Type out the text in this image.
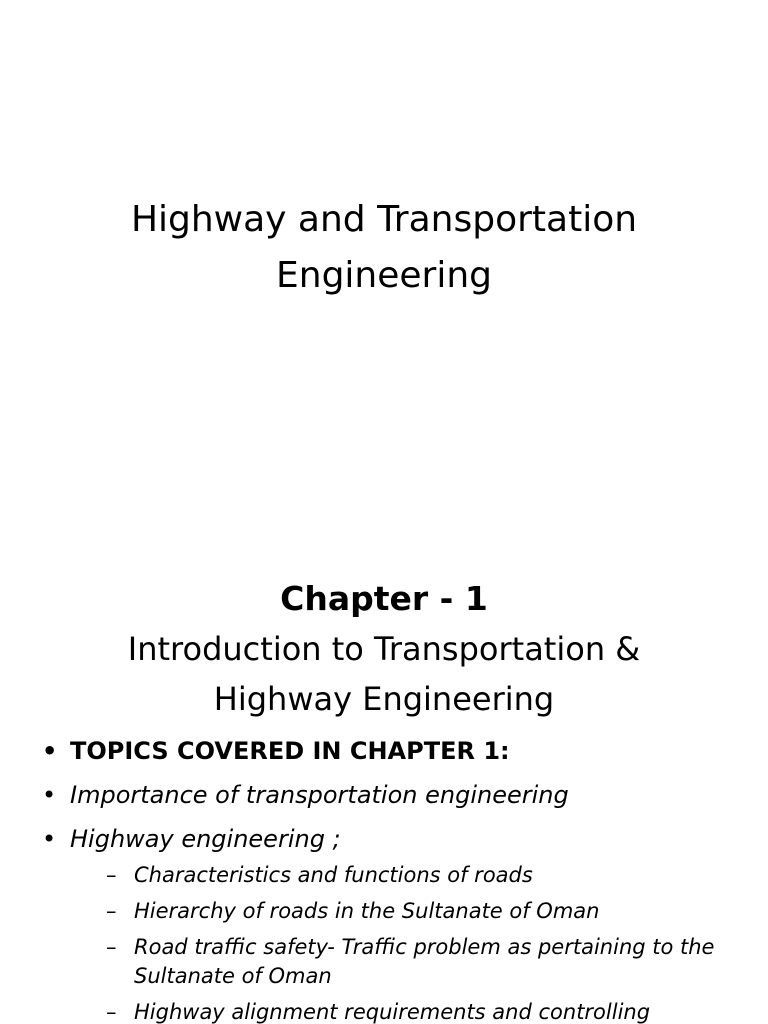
Highway and Transportation
Engineering
Chapter - 1
Introduction to Transportation &
Highway Engineering
• TOPICS COVERED IN CHAPTER 1:
• Importance of transportation engineering
• Highway engineering ;
– Characteristics and functions of roads
– Hierarchy of roads in the Sultanate of Oman
– Road traffic safety- Traffic problem as pertaining to the Sultanate of Oman
– Highway alignment requirements and controlling
